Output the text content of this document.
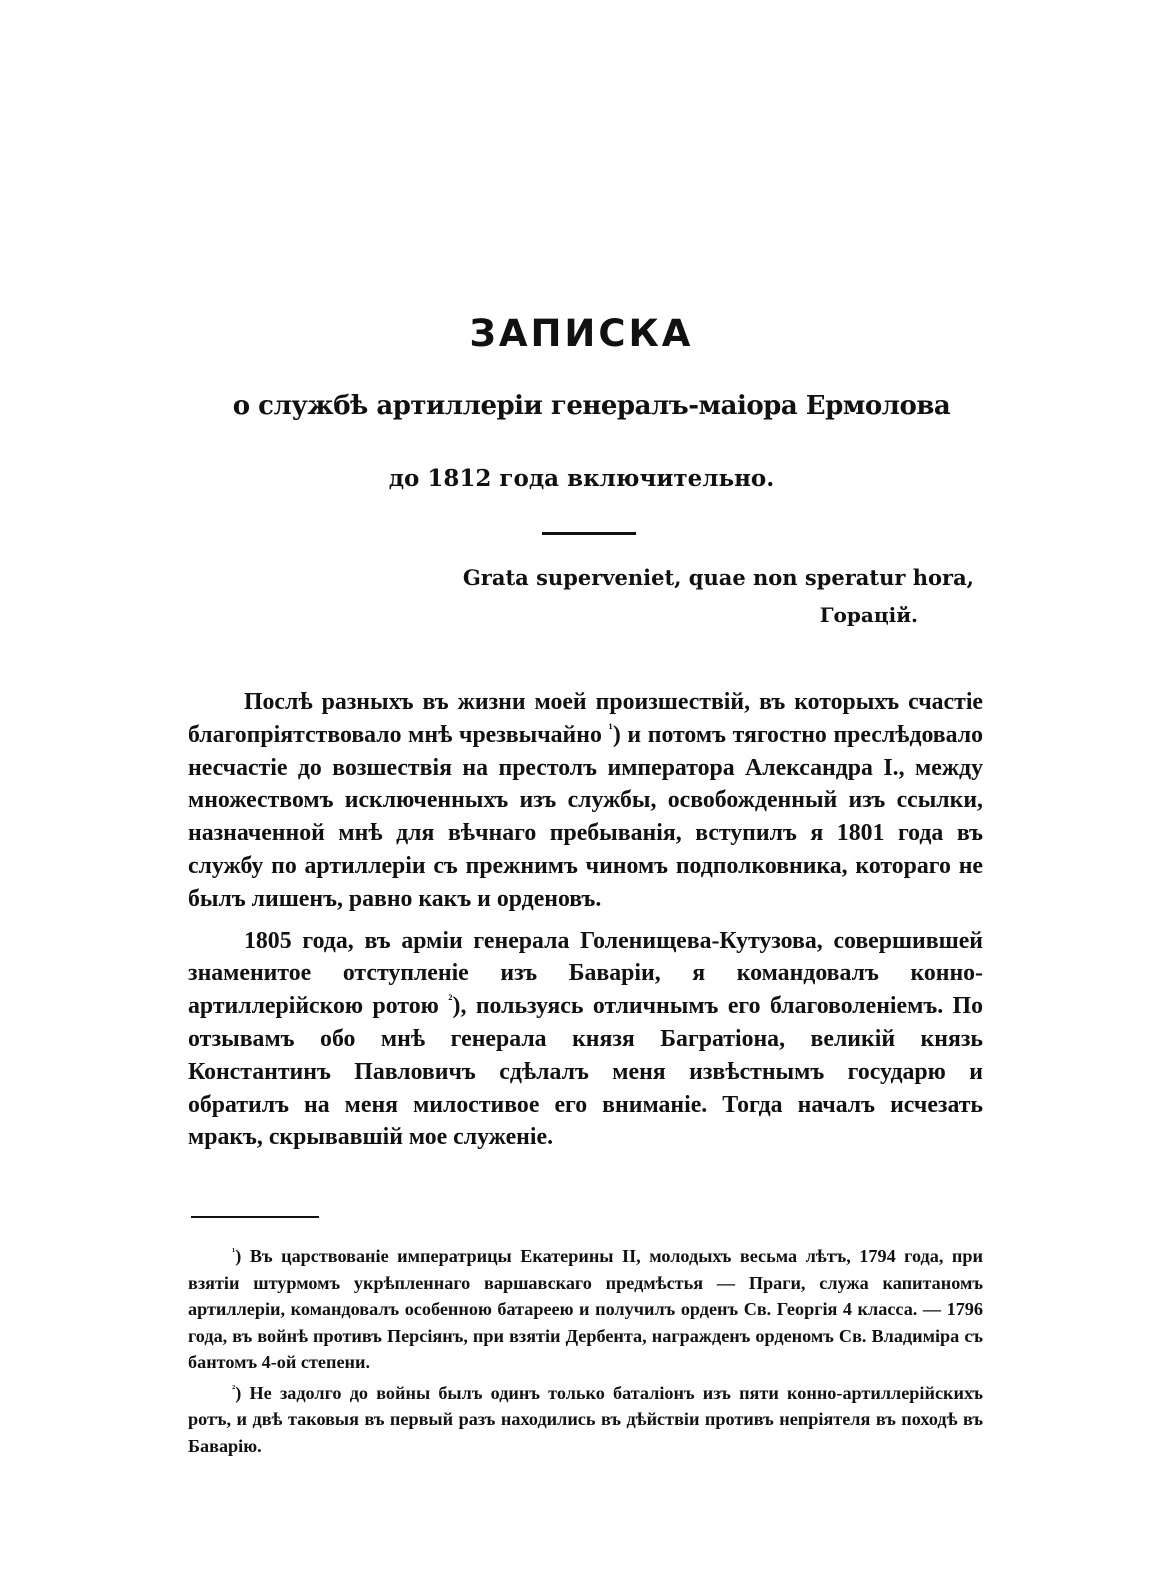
ЗАПИСКА
о службѣ артиллеріи генералъ-маіора Ермолова
до 1812 года включительно.
Grata superveniet, quae non speratur hora,
Горацій.

Послѣ разныхъ въ жизни моей произшествій, въ которыхъ счастіе благопріятствовало мнѣ чрезвычайно $^{^1}$) и потомъ тягостно преслѣдовало несчастіе до возшествія на престолъ императора Александра I., между множествомъ исключенныхъ изъ службы, освобожденный изъ ссылки, назначенной мнѣ для вѣчнаго пребыванія, вступилъ я 1801 года въ службу по артиллеріи съ прежнимъ чиномъ подполковника, котораго не былъ лишенъ, равно какъ и орденовъ.

1805 года, въ арміи генерала Голенищева-Кутузова, совершившей знаменитое отступленіе изъ Баваріи, я командовалъ конно-артиллерійскою ротою $^{^2}$), пользуясь отличнымъ его благоволеніемъ. По отзывамъ обо мнѣ генерала князя Багратіона, великій князь Константинъ Павловичъ сдѣлалъ меня извѣстнымъ государю и обратилъ на меня милостивое его вниманіе. Тогда началъ исчезать мракъ, скрывавшій мое служеніе.

$^{^1}$) Въ царствованіе императрицы Екатерины II, молодыхъ весьма лѣтъ, 1794 года, при взятіи штурмомъ укрѣпленнаго варшавскаго предмѣстья — Праги, служа капитаномъ артиллеріи, командовалъ особенною батареею и получилъ орденъ Св. Георгія 4 класса. — 1796 года, въ войнѣ противъ Персіянъ, при взятіи Дербента, награжденъ орденомъ Св. Владиміра съ бантомъ 4-ой степени.

$^{^2}$) Не задолго до войны былъ одинъ только баталіонъ изъ пяти конно-артиллерійскихъ ротъ, и двѣ таковыя въ первый разъ находились въ дѣйствіи противъ непріятеля въ походѣ въ Баварію.
